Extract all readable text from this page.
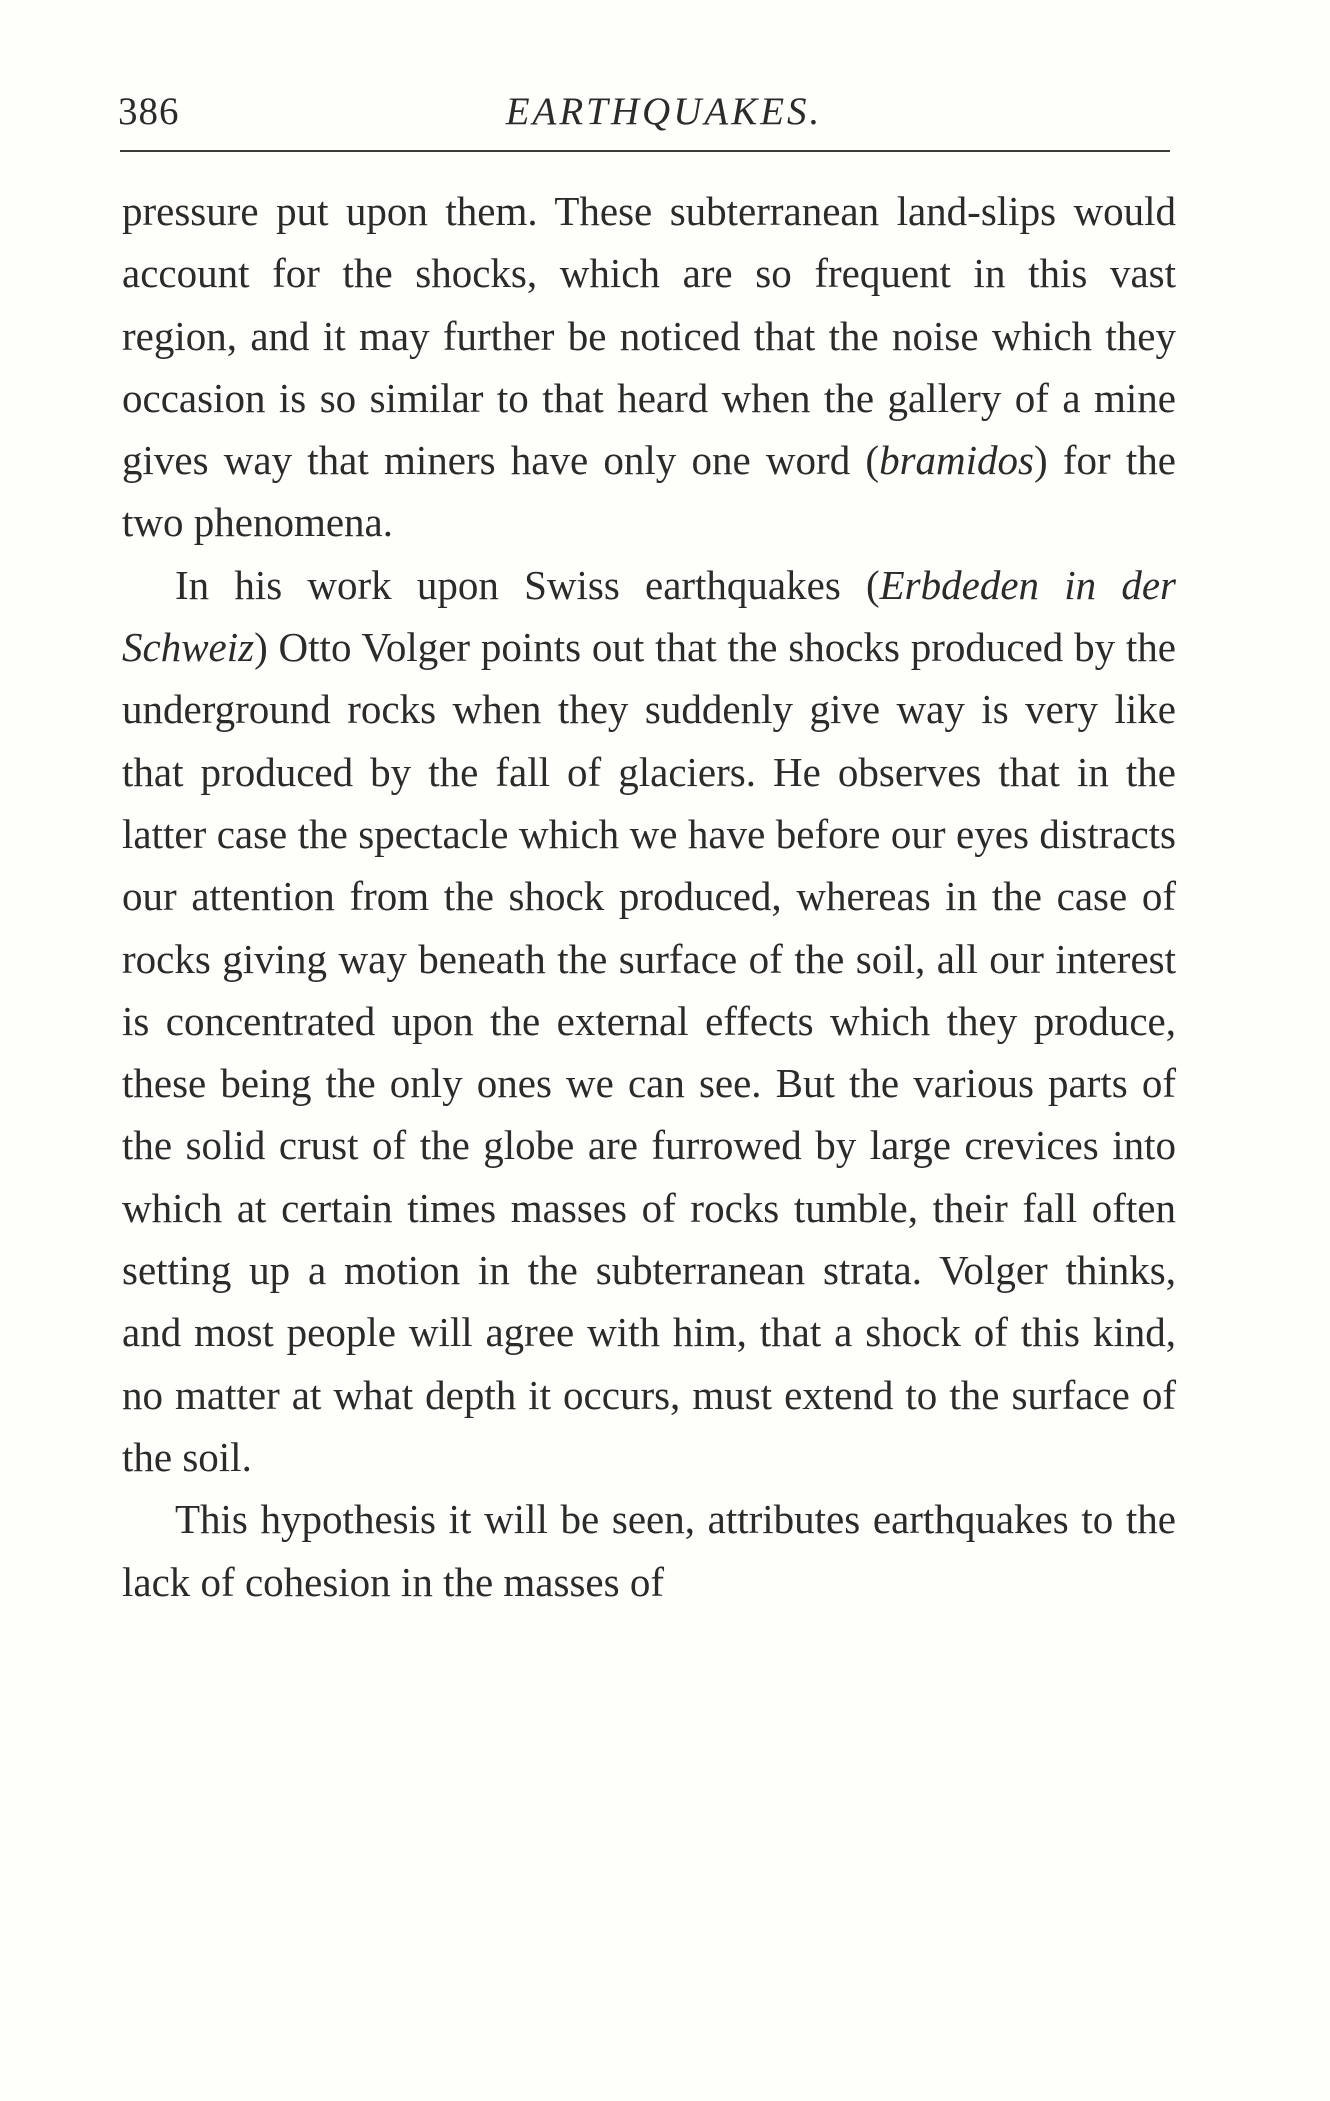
386	EARTHQUAKES.

pressure put upon them. These subterranean land-slips would account for the shocks, which are so frequent in this vast region, and it may further be noticed that the noise which they occasion is so similar to that heard when the gallery of a mine gives way that miners have only one word (bramidos) for the two phenomena.

In his work upon Swiss earthquakes (Erbdeden in der Schweiz) Otto Volger points out that the shocks produced by the underground rocks when they suddenly give way is very like that produced by the fall of glaciers. He observes that in the latter case the spectacle which we have before our eyes distracts our attention from the shock produced, whereas in the case of rocks giving way beneath the surface of the soil, all our interest is concentrated upon the external effects which they produce, these being the only ones we can see. But the various parts of the solid crust of the globe are furrowed by large crevices into which at certain times masses of rocks tumble, their fall often setting up a motion in the subterranean strata. Volger thinks, and most people will agree with him, that a shock of this kind, no matter at what depth it occurs, must extend to the surface of the soil.

This hypothesis it will be seen, attributes earthquakes to the lack of cohesion in the masses of
